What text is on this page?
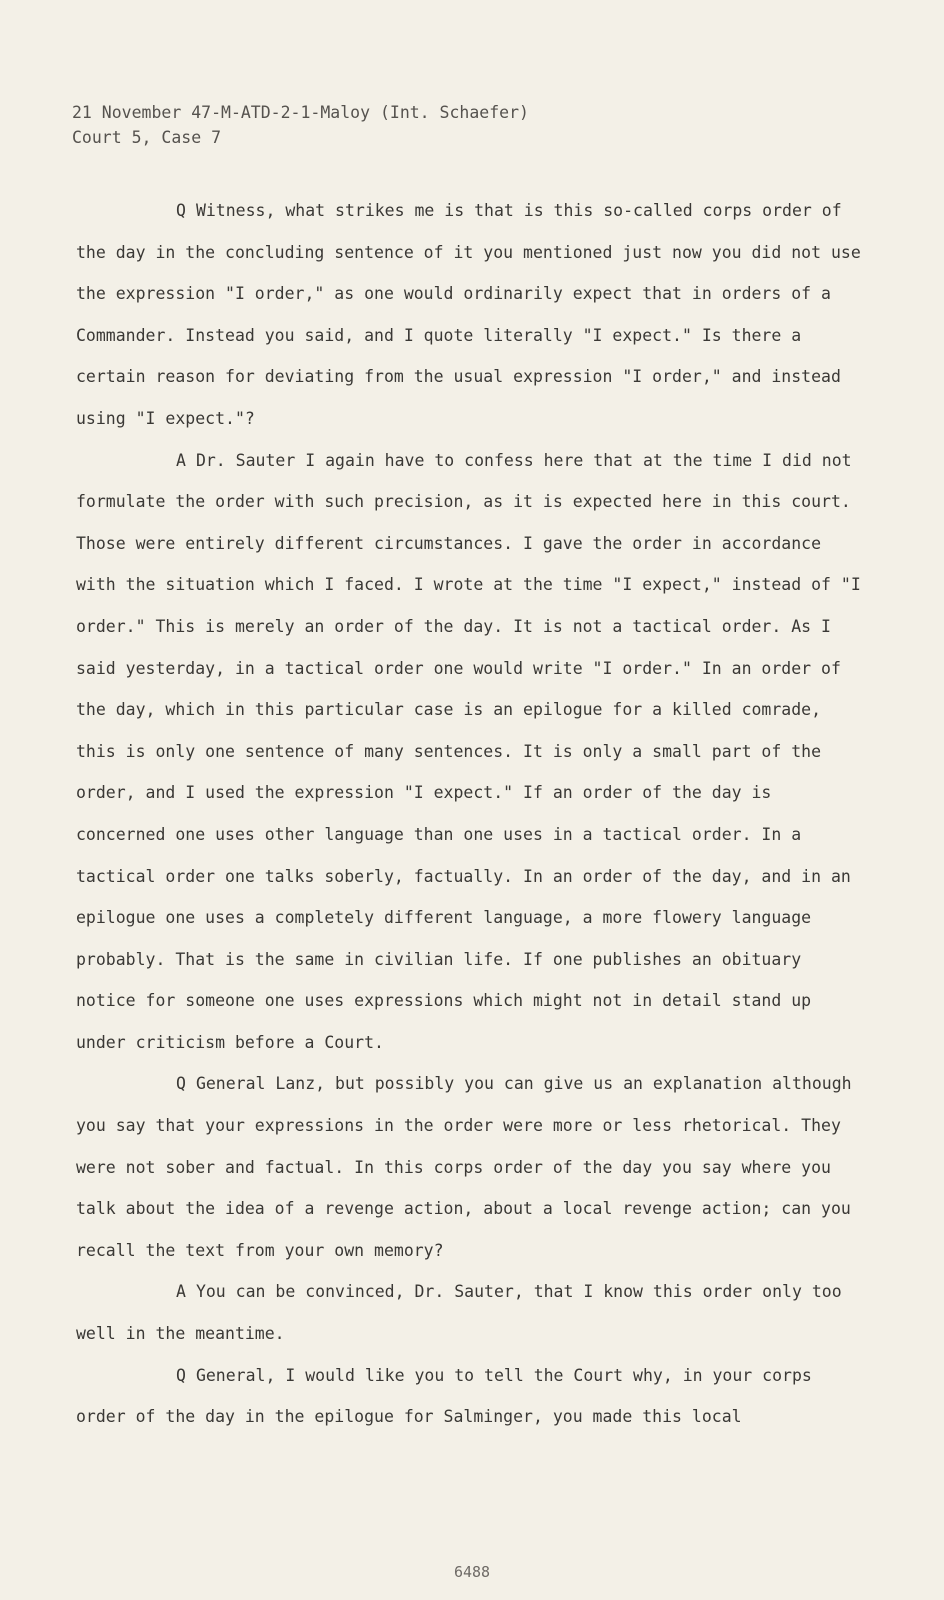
21 November 47-M-ATD-2-1-Maloy (Int. Schaefer)
Court 5, Case 7

Q Witness, what strikes me is that is this so-called corps order of the day in the concluding sentence of it you mentioned just now you did not use the expression "I order," as one would ordinarily expect that in orders of a Commander. Instead you said, and I quote literally "I expect." Is there a certain reason for deviating from the usual expression "I order," and instead using "I expect."?

A Dr. Sauter I again have to confess here that at the time I did not formulate the order with such precision, as it is expected here in this court. Those were entirely different circumstances. I gave the order in accordance with the situation which I faced. I wrote at the time "I expect," instead of "I order." This is merely an order of the day. It is not a tactical order. As I said yesterday, in a tactical order one would write "I order." In an order of the day, which in this particular case is an epilogue for a killed comrade, this is only one sentence of many sentences. It is only a small part of the order, and I used the expression "I expect." If an order of the day is concerned one uses other language than one uses in a tactical order. In a tactical order one talks soberly, factually. In an order of the day, and in an epilogue one uses a completely different language, a more flowery language probably. That is the same in civilian life. If one publishes an obituary notice for someone one uses expressions which might not in detail stand up under criticism before a Court.

Q General Lanz, but possibly you can give us an explanation although you say that your expressions in the order were more or less rhetorical. They were not sober and factual. In this corps order of the day you say where you talk about the idea of a revenge action, about a local revenge action; can you recall the text from your own memory?

A You can be convinced, Dr. Sauter, that I know this order only too well in the meantime.

Q General, I would like you to tell the Court why, in your corps order of the day in the epilogue for Salminger, you made this local

6488
